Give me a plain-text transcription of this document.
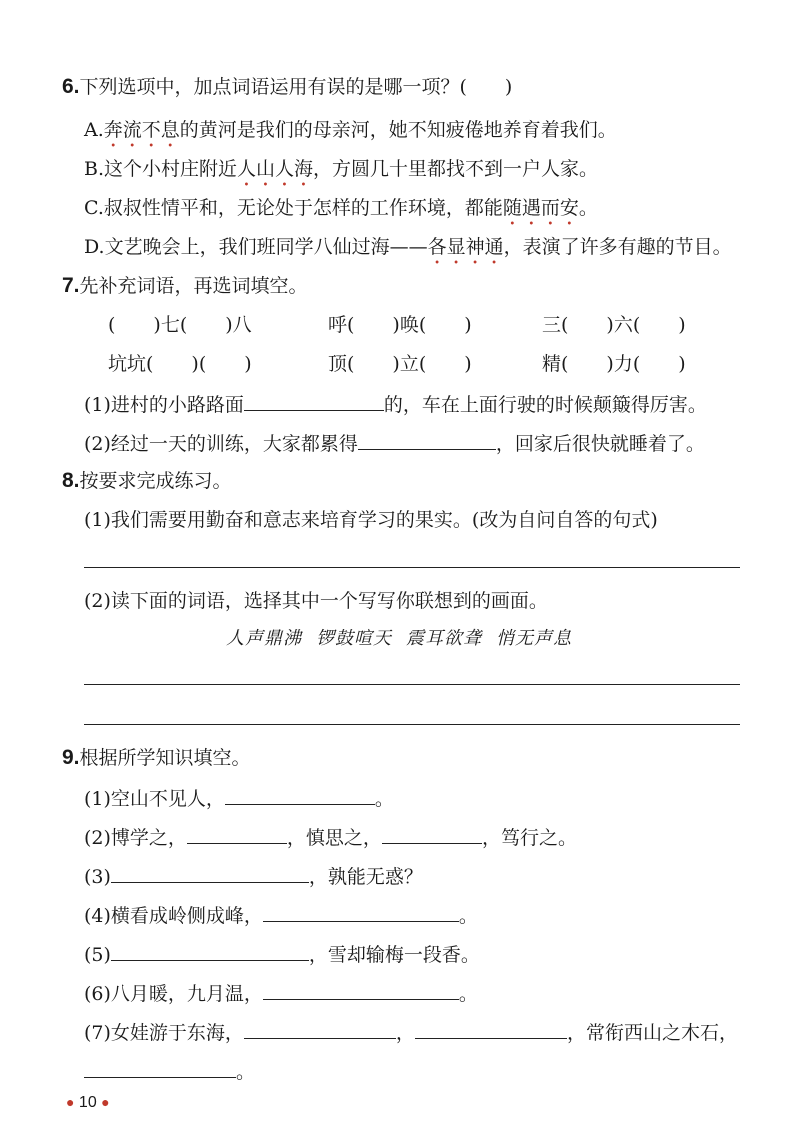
6.下列选项中，加点词语运用有误的是哪一项？(　　)
A.奔流不息的黄河是我们的母亲河，她不知疲倦地养育着我们。
B.这个小村庄附近人山人海，方圆几十里都找不到一户人家。
C.叔叔性情平和，无论处于怎样的工作环境，都能随遇而安。
D.文艺晚会上，我们班同学八仙过海——各显神通，表演了许多有趣的节目。
7.先补充词语，再选词填空。
(　　)七(　　)八	呼(　　)唤(　　)	三(　　)六(　　)
坑坑(　　)(　　)	顶(　　)立(　　)	精(　　)力(　　)
(1)进村的小路路面	的，车在上面行驶的时候颠簸得厉害。
(2)经过一天的训练，大家都累得	，回家后很快就睡着了。
8.按要求完成练习。
(1)我们需要用勤奋和意志来培育学习的果实。(改为自问自答的句式)
(2)读下面的词语，选择其中一个写写你联想到的画面。
人声鼎沸 锣鼓喧天 震耳欲聋 悄无声息
9.根据所学知识填空。
(1)空山不见人，	。
(2)博学之，	，慎思之，	，笃行之。
(3)	，孰能无惑？
(4)横看成岭侧成峰，	。
(5)	，雪却输梅一段香。
(6)八月暖，九月温，	。
(7)女娃游于东海，	，	，常衔西山之木石，
。
● 10 ●
